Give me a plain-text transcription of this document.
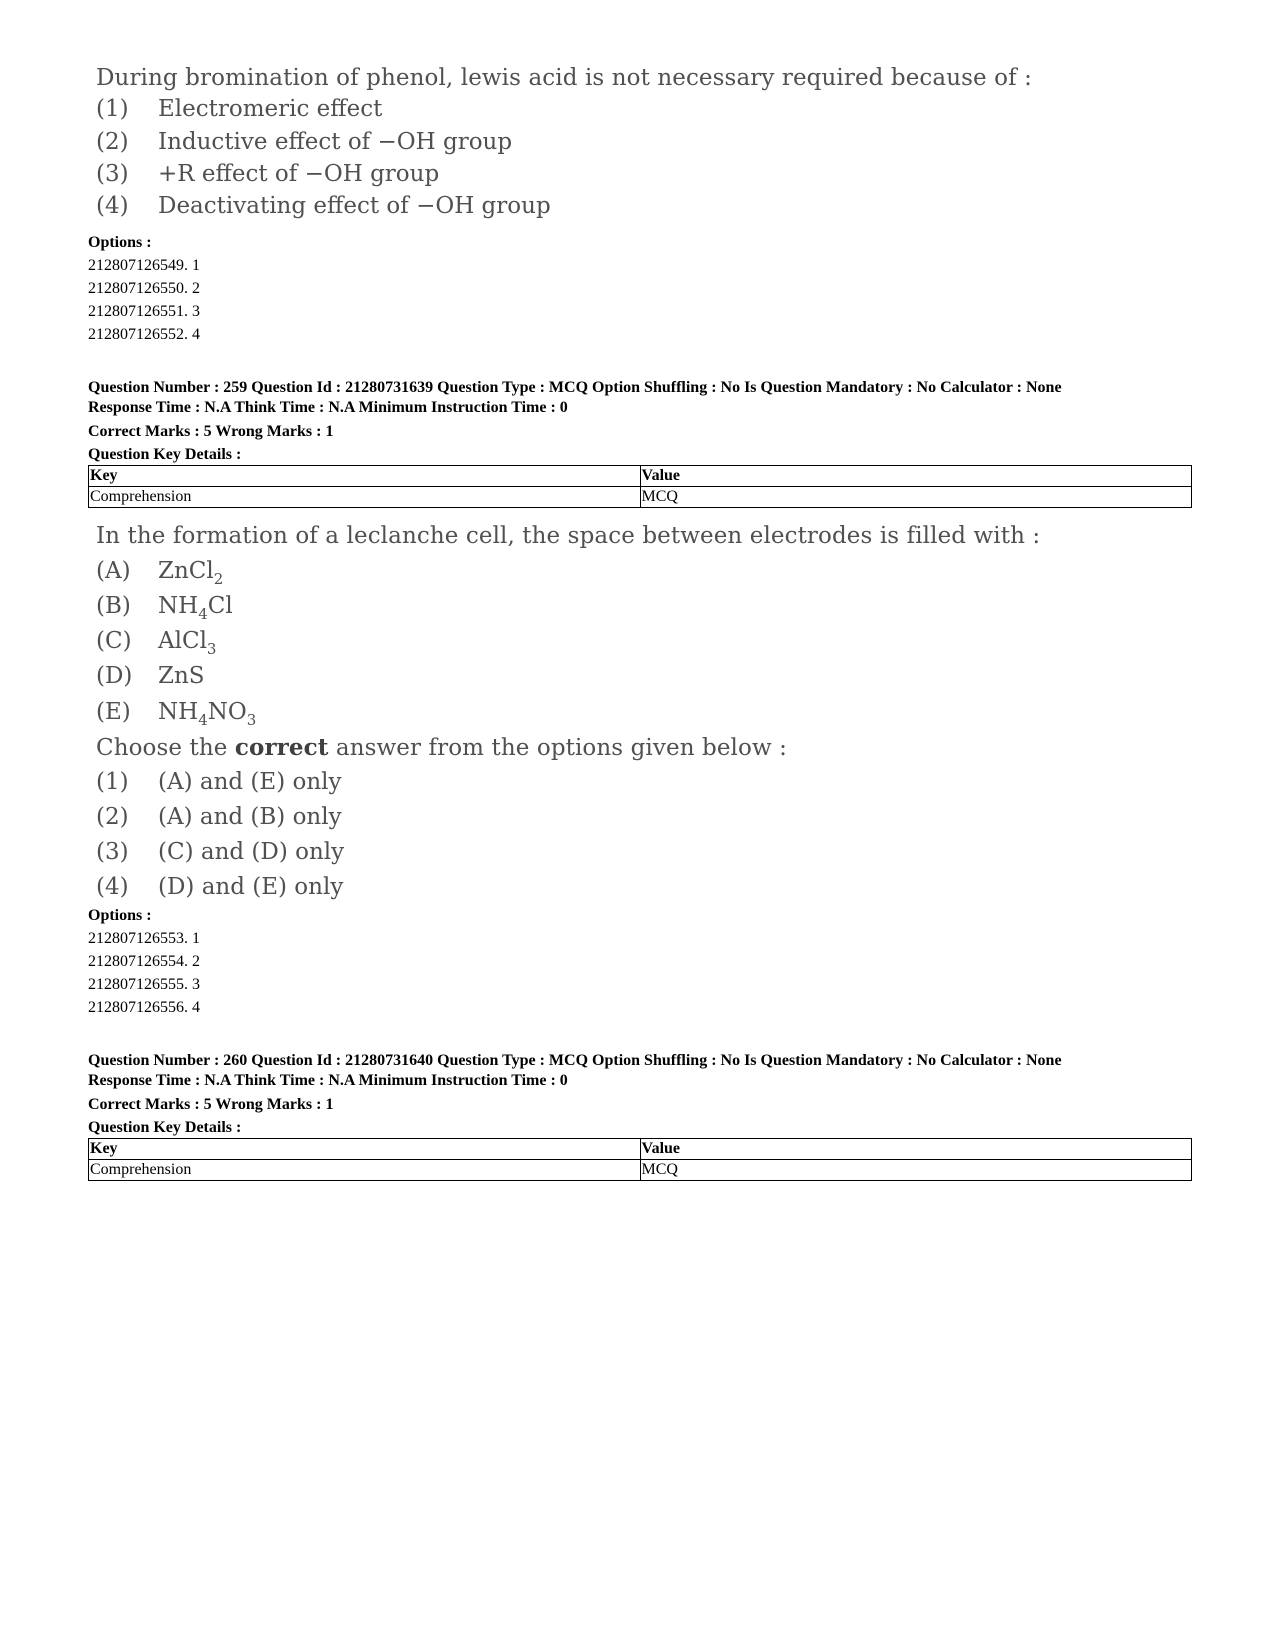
During bromination of phenol, lewis acid is not necessary required because of :
(1)	Electromeric effect
(2)	Inductive effect of −OH group
(3)	+R effect of −OH group
(4)	Deactivating effect of −OH group
Options :
212807126549. 1
212807126550. 2
212807126551. 3
212807126552. 4
Question Number : 259 Question Id : 21280731639 Question Type : MCQ Option Shuffling : No Is Question Mandatory : No Calculator : None
Response Time : N.A Think Time : N.A Minimum Instruction Time : 0
Correct Marks : 5 Wrong Marks : 1
Question Key Details :
Key	Value
Comprehension	MCQ
In the formation of a leclanche cell, the space between electrodes is filled with :
(A)	ZnCl$_2$
(B)	$NH_4Cl$
(C)	AlCl$_3$
(D)	ZnS
(E)	$NH_4NO_3$
Choose the correct answer from the options given below :
(1)	(A) and (E) only
(2)	(A) and (B) only
(3)	(C) and (D) only
(4)	(D) and (E) only
Options :
212807126553. 1
212807126554. 2
212807126555. 3
212807126556. 4
Question Number : 260 Question Id : 21280731640 Question Type : MCQ Option Shuffling : No Is Question Mandatory : No Calculator : None
Response Time : N.A Think Time : N.A Minimum Instruction Time : 0
Correct Marks : 5 Wrong Marks : 1
Question Key Details :
Key	Value
Comprehension	MCQ
